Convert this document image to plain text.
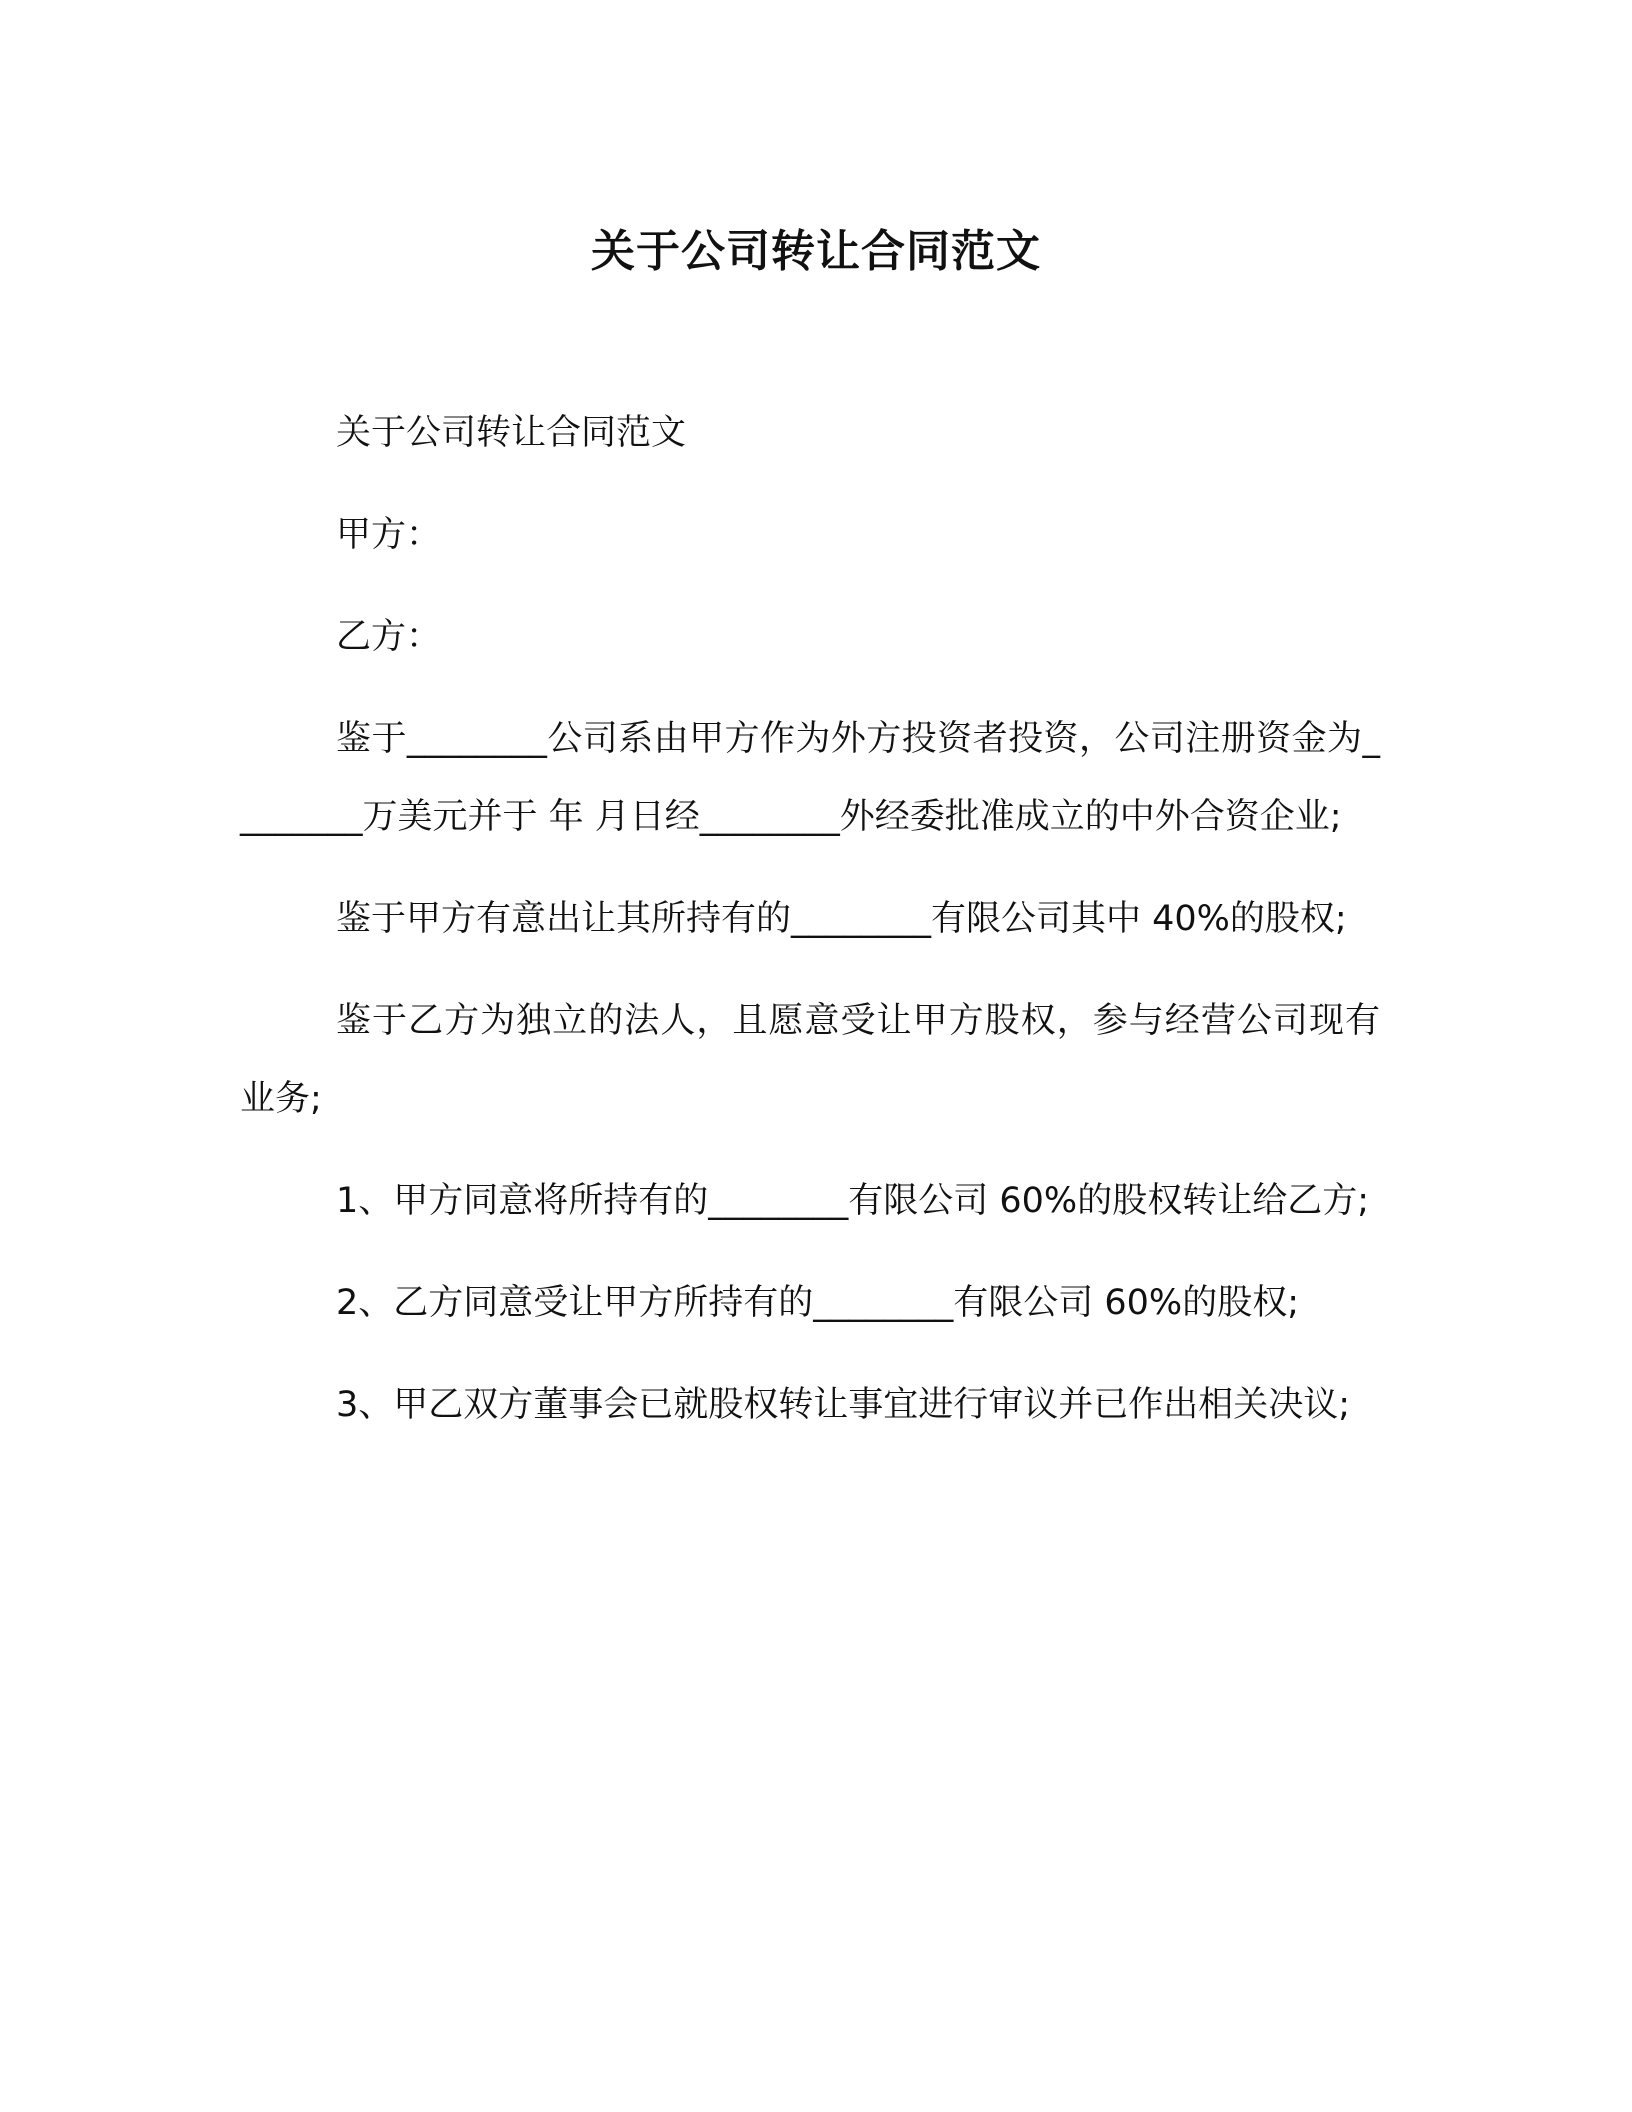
关于公司转让合同范文

关于公司转让合同范文

甲方：

乙方：

鉴于________公司系由甲方作为外方投资者投资，公司注册资金为________万美元并于 年 月日经________外经委批准成立的中外合资企业;

鉴于甲方有意出让其所持有的________有限公司其中 40%的股权;

鉴于乙方为独立的法人，且愿意受让甲方股权，参与经营公司现有业务;

1、甲方同意将所持有的________有限公司 60%的股权转让给乙方;

2、乙方同意受让甲方所持有的________有限公司 60%的股权;

3、甲乙双方董事会已就股权转让事宜进行审议并已作出相关决议;
